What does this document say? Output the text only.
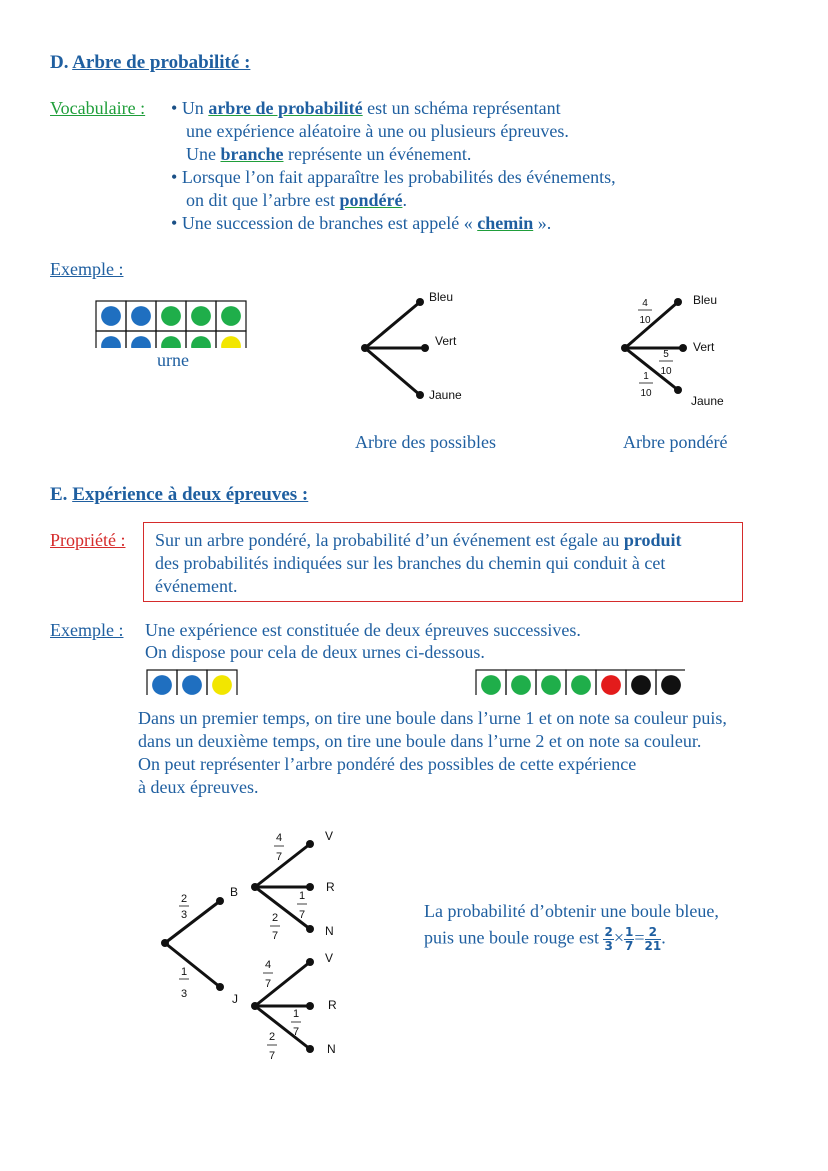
D. Arbre de probabilité :
Vocabulaire : • Un arbre de probabilité est un schéma représentant
une expérience aléatoire à une ou plusieurs épreuves.
Une branche représente un événement.
• Lorsque l’on fait apparaître les probabilités des événements,
on dit que l’arbre est pondéré.
• Une succession de branches est appelé « chemin ».
Exemple :
urne
Bleu
Vert
Jaune
Arbre des possibles
Bleu
Vert
Jaune
4
10
5
10
1
10
Arbre pondéré
E. Expérience à deux épreuves :
Propriété : Sur un arbre pondéré, la probabilité d’un événement est égale au produit
des probabilités indiquées sur les branches du chemin qui conduit à cet
événement.
Exemple : Une expérience est constituée de deux épreuves successives.
On dispose pour cela de deux urnes ci-dessous.
Dans un premier temps, on tire une boule dans l’urne 1 et on note sa couleur puis,
dans un deuxième temps, on tire une boule dans l’urne 2 et on note sa couleur.
On peut représenter l’arbre pondéré des possibles de cette expérience
à deux épreuves.
B
J
V
R
N
V
R
N
2
3
1
3
4
7
1
7
2
7
4
7
1
7
2
7
La probabilité d’obtenir une boule bleue,
puis une boule rouge est $\frac{2}{3} \times \frac{1}{7} = \frac{2}{21}$ .
